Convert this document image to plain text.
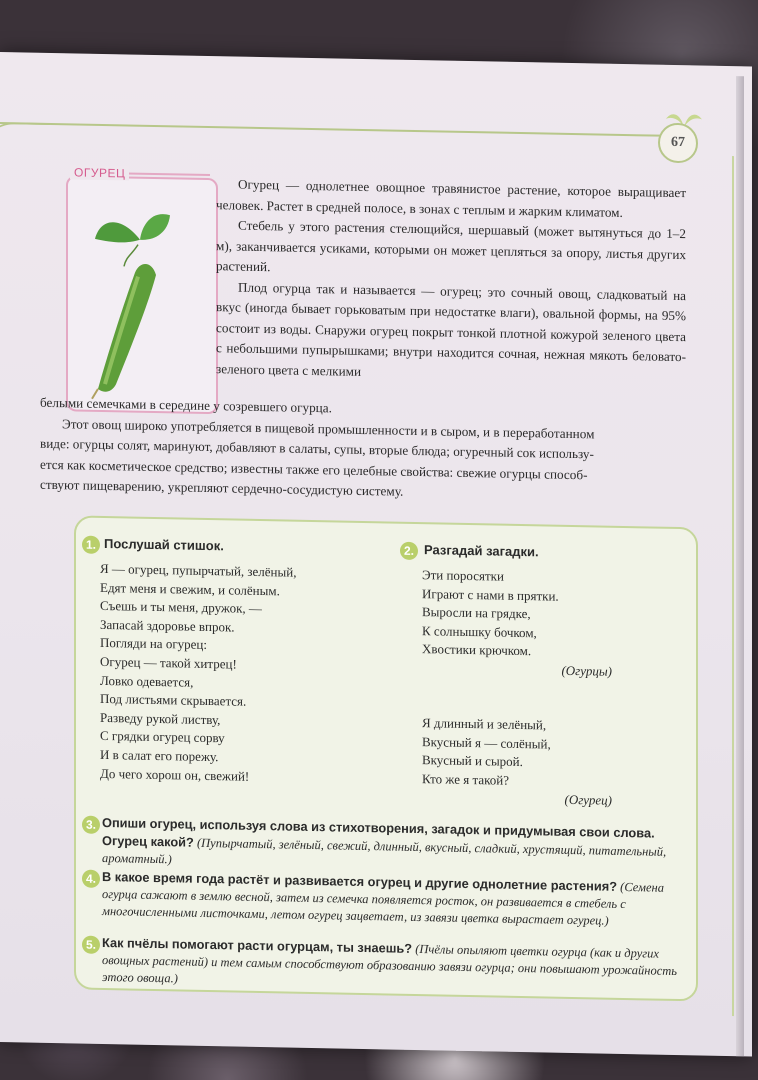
67
ОГУРЕЦ

Огурец — однолетнее овощное травянистое растение, которое выращивает человек. Растет в средней полосе, в зонах с теплым и жарким климатом.

Стебель у этого растения стелющийся, шершавый (может вытянуться до 1–2 м), заканчивается усиками, которыми он может цепляться за опору, листья других растений.

Плод огурца так и называется — огурец; это сочный овощ, сладковатый на вкус (иногда бывает горьковатым при недостатке влаги), овальной формы, на 95% состоит из воды. Снаружи огурец покрыт тонкой плотной кожурой зеленого цвета с небольшими пупырышками; внутри находится сочная, нежная мякоть беловато-зеленого цвета с мелкими

белыми семечками в середине у созревшего огурца.
Этот овощ широко употребляется в пищевой промышленности и в сыром, и в переработанном
виде: огурцы солят, маринуют, добавляют в салаты, супы, вторые блюда; огуречный сок использу-
ется как косметическое средство; известны также его целебные свойства: свежие огурцы способ-
ствуют пищеварению, укрепляют сердечно-сосудистую систему.
1. Послушай стишок.
Я — огурец, пупырчатый, зелёный,
Едят меня и свежим, и солёным.
Съешь и ты меня, дружок, —
Запасай здоровье впрок.
Погляди на огурец:
Огурец — такой хитрец!
Ловко одевается,
Под листьями скрывается.
Разведу рукой листву,
С грядки огурец сорву
И в салат его порежу.
До чего хорош он, свежий!
2. Разгадай загадки.
Эти поросятки
Играют с нами в прятки.
Выросли на грядке,
К солнышку бочком,
Хвостики крючком.
(Огурцы)
Я длинный и зелёный,
Вкусный я — солёный,
Вкусный и сырой.
Кто же я такой?
(Огурец)
3. Опиши огурец, используя слова из стихотворения, загадок и придумывая свои слова. Огурец какой? (Пупырчатый, зелёный, свежий, длинный, вкусный, сладкий, хрустящий, питательный, ароматный.)
4. В какое время года растёт и развивается огурец и другие однолетние растения? (Семена огурца сажают в землю весной, затем из семечка появляется росток, он развивается в стебель с многочисленными листочками, летом огурец зацветает, из завязи цветка вырастает огурец.)
5. Как пчёлы помогают расти огурцам, ты знаешь? (Пчёлы опыляют цветки огурца (как и других овощных растений) и тем самым способствуют образованию завязи огурца; они повышают урожайность этого овоща.)
